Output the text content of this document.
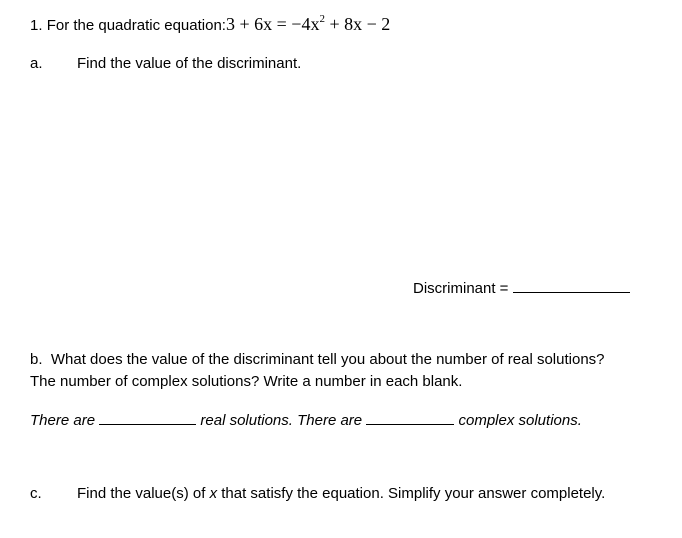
1. For the quadratic equation:3 + $6x = -4x^2 + 8x - 2$
a. Find the value of the discriminant.
Discriminant =
b. What does the value of the discriminant tell you about the number of real solutions?
The number of complex solutions? Write a number in each blank.
There are	real solutions. There are	complex solutions.
c. Find the value(s) of x that satisfy the equation. Simplify your answer completely.
